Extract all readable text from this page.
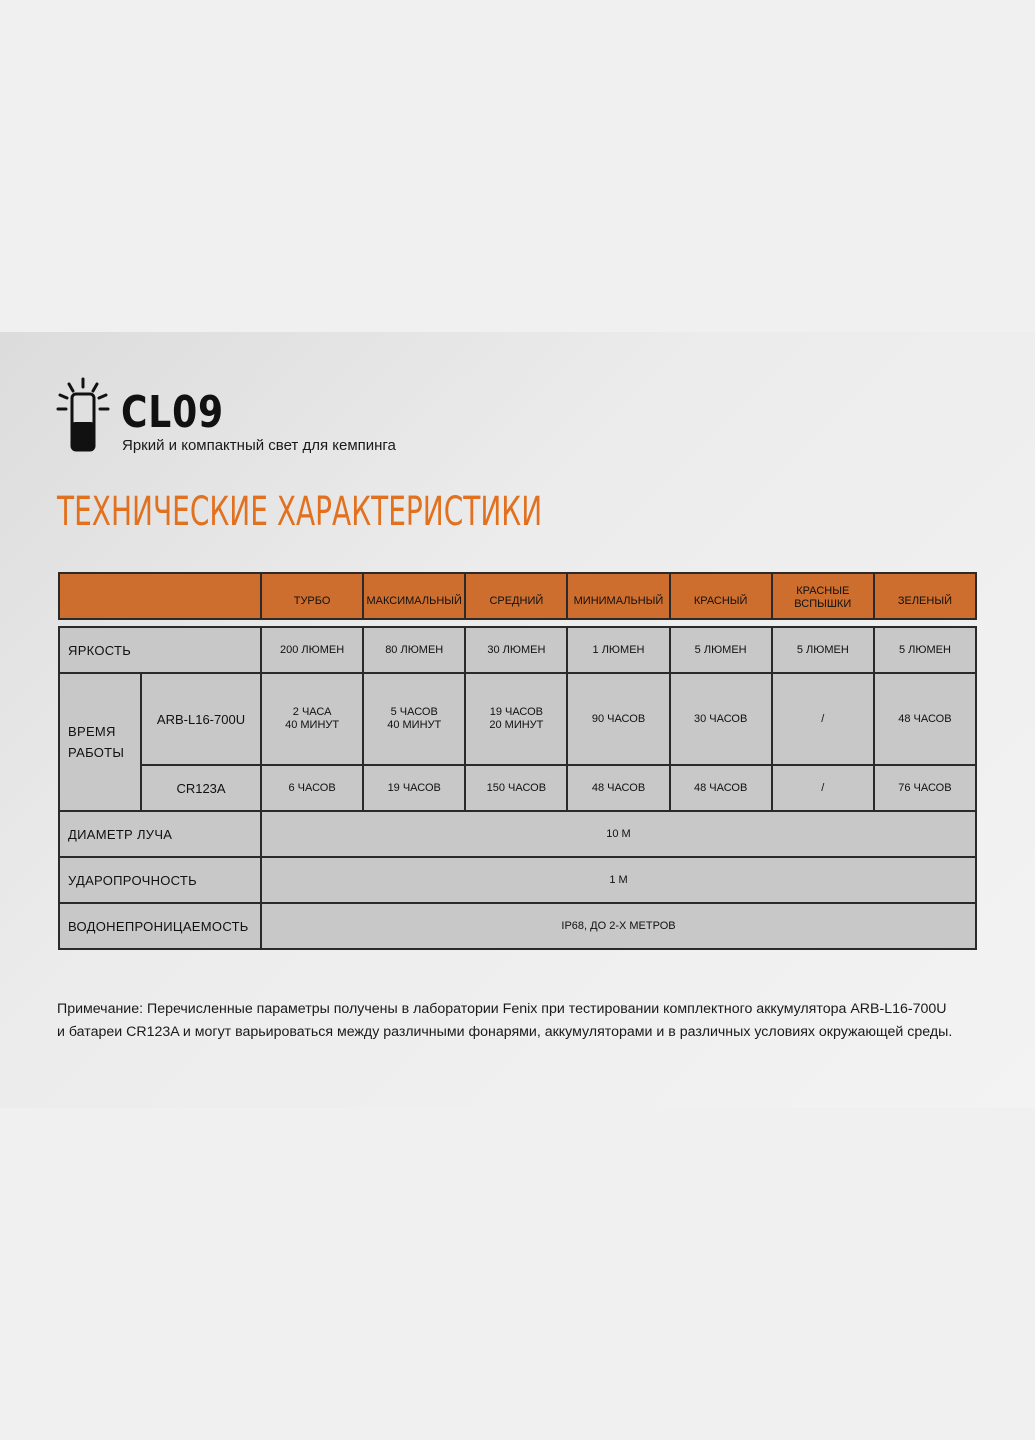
CL09
Яркий и компактный свет для кемпинга
ТЕХНИЧЕСКИЕ ХАРАКТЕРИСТИКИ
	ТУРБО	МАКСИМАЛЬНЫЙ	СРЕДНИЙ	МИНИМАЛЬНЫЙ	КРАСНЫЙ	КРАСНЫЕ
ВСПЫШКИ	ЗЕЛЕНЫЙ
ЯРКОСТЬ		200 ЛЮМЕН	80 ЛЮМЕН	30 ЛЮМЕН	1 ЛЮМЕН	5 ЛЮМЕН	5 ЛЮМЕН	5 ЛЮМЕН
ВРЕМЯ
РАБОТЫ	ARB-L16-700U	2 ЧАСА
40 МИНУТ	5 ЧАСОВ
40 МИНУТ	19 ЧАСОВ
20 МИНУТ	90 ЧАСОВ	30 ЧАСОВ	/	48 ЧАСОВ
	CR123A	6 ЧАСОВ	19 ЧАСОВ	150 ЧАСОВ	48 ЧАСОВ	48 ЧАСОВ	/	76 ЧАСОВ
ДИАМЕТР ЛУЧА		10 М						
УДАРОПРОЧНОСТЬ		1 М						
ВОДОНЕПРОНИЦАЕМОСТЬ		IP68, ДО 2-Х МЕТРОВ						
Примечание: Перечисленные параметры получены в лаборатории Fenix при тестировании комплектного аккумулятора ARB-L16-700U
и батареи CR123A и могут варьироваться между различными фонарями, аккумуляторами и в различных условиях окружающей среды.
